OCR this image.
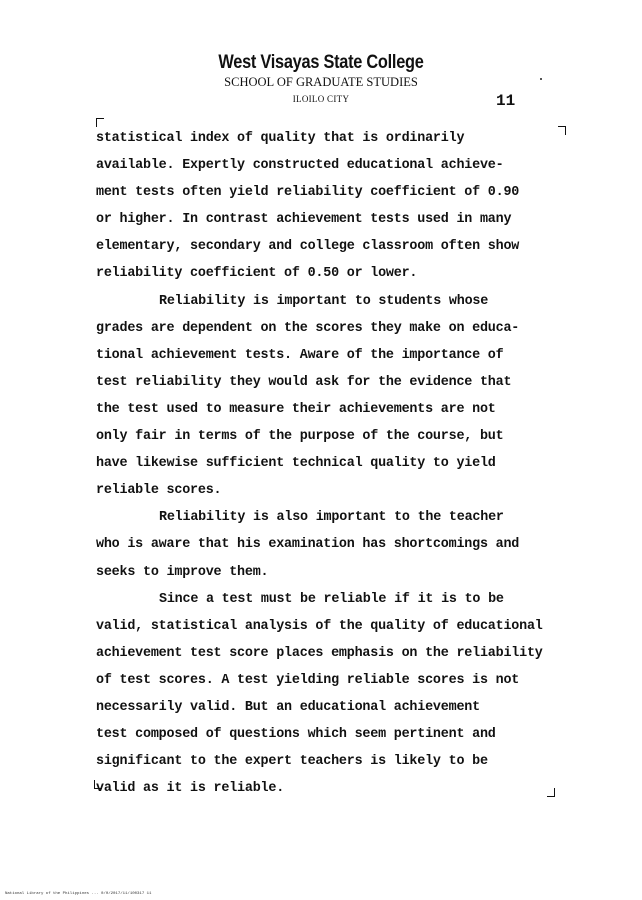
West Visayas State College
SCHOOL OF GRADUATE STUDIES
ILOILO CITY	11
statistical index of quality that is ordinarily
available. Expertly constructed educational achieve-
ment tests often yield reliability coefficient of 0.90
or higher. In contrast achievement tests used in many
elementary, secondary and college classroom often show
reliability coefficient of 0.50 or lower.
Reliability is important to students whose
grades are dependent on the scores they make on educa-
tional achievement tests. Aware of the importance of
test reliability they would ask for the evidence that
the test used to measure their achievements are not
only fair in terms of the purpose of the course, but
have likewise sufficient technical quality to yield
reliable scores.
Reliability is also important to the teacher
who is aware that his examination has shortcomings and
seeks to improve them.
Since a test must be reliable if it is to be
valid, statistical analysis of the quality of educational
achievement test score places emphasis on the reliability
of test scores. A test yielding reliable scores is not
necessarily valid. But an educational achievement
test composed of questions which seem pertinent and
significant to the expert teachers is likely to be
valid as it is reliable.
National Library of the Philippines ... 0/0/2017/11/100317 11
